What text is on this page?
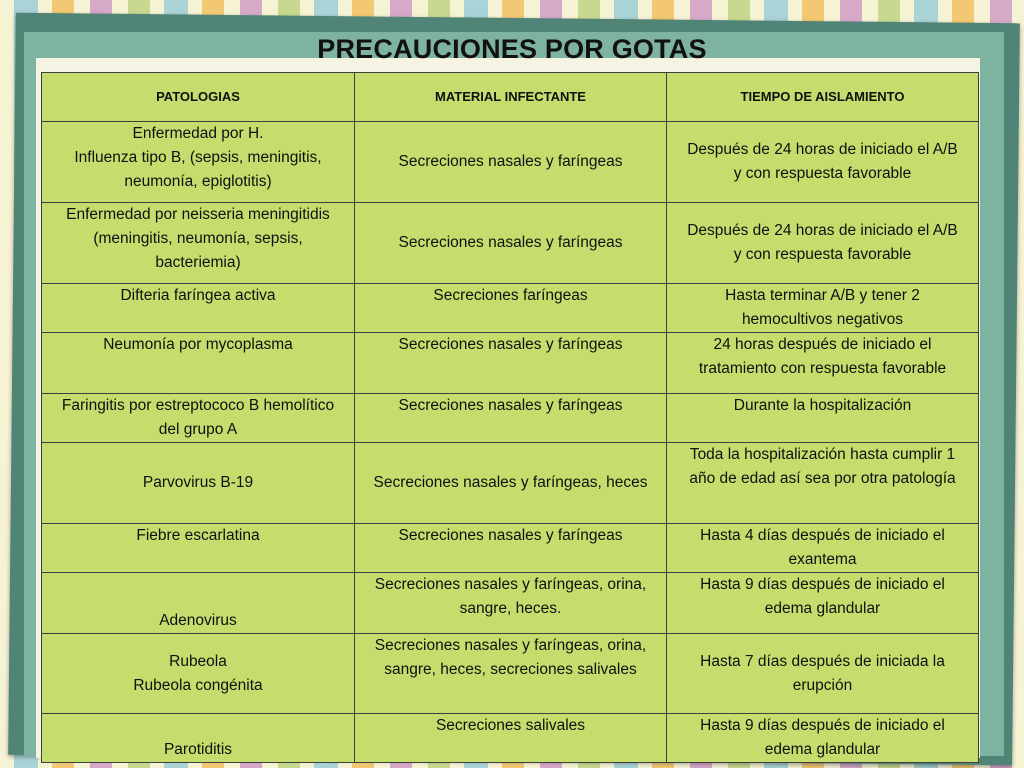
PRECAUCIONES POR GOTAS
PATOLOGIAS	MATERIAL INFECTANTE	TIEMPO DE AISLAMIENTO

Enfermedad por H.
Influenza tipo B, (sepsis, meningitis,
neumonía, epiglotitis)	Secreciones nasales y faríngeas	Después de 24 horas de iniciado el A/B
y con respuesta favorable

Enfermedad por neisseria meningitidis
(meningitis, neumonía, sepsis,
bacteriemia)	Secreciones nasales y faríngeas	Después de 24 horas de iniciado el A/B
y con respuesta favorable

Difteria faríngea activa	Secreciones faríngeas	Hasta terminar A/B y tener 2
hemocultivos negativos

Neumonía por mycoplasma	Secreciones nasales y faríngeas	24 horas después de iniciado el
tratamiento con respuesta favorable

Faringitis por estreptococo B hemolítico
del grupo A	Secreciones nasales y faríngeas	Durante la hospitalización

Parvovirus B-19	Secreciones nasales y faríngeas, heces	Toda la hospitalización hasta cumplir 1
año de edad así sea por otra patología

Fiebre escarlatina	Secreciones nasales y faríngeas	Hasta 4 días después de iniciado el
exantema

Adenovirus	Secreciones nasales y faríngeas, orina,
sangre, heces.	Hasta 9 días después de iniciado el
edema glandular

Rubeola
Rubeola congénita	Secreciones nasales y faríngeas, orina,
sangre, heces, secreciones salivales	Hasta 7 días después de iniciada la
erupción

Parotiditis	Secreciones salivales	Hasta 9 días después de iniciado el
edema glandular
